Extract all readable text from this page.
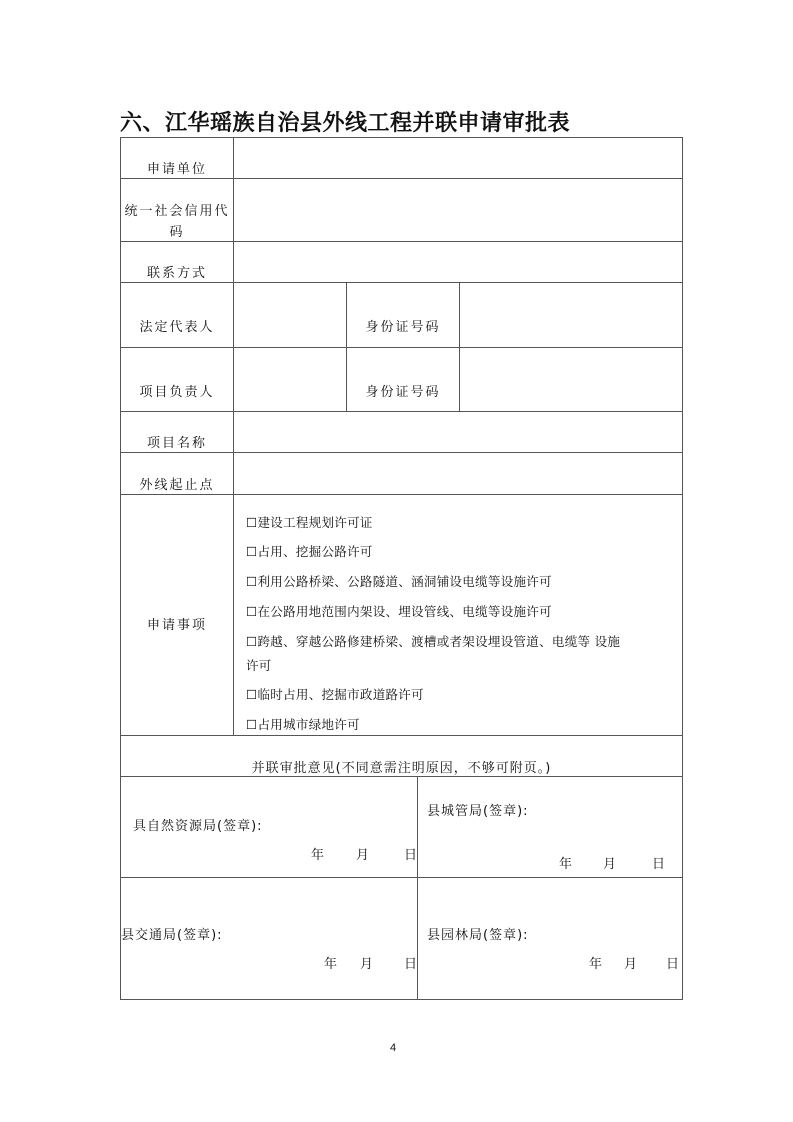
六、江华瑶族自治县外线工程并联申请审批表
申请单位
统一社会信用代
码
联系方式
法定代表人	身份证号码
项目负责人	身份证号码
项目名称
外线起止点
申请事项
☐建设工程规划许可证
☐占用、挖掘公路许可
☐利用公路桥梁、公路隧道、涵洞铺设电缆等设施许可
☐在公路用地范围内架设、埋设管线、电缆等设施许可
☐跨越、穿越公路修建桥梁、渡槽或者架设埋设管道、电缆等 设施
许可
☐临时占用、挖掘市政道路许可
☐占用城市绿地许可
并联审批意见(不同意需注明原因，不够可附页。)
具自然资源局(签章):
年 月	日
县城管局(签章):
年 月	日
县交通局(签章):
年 月 日
县园林局(签章):
年 月 日
4
